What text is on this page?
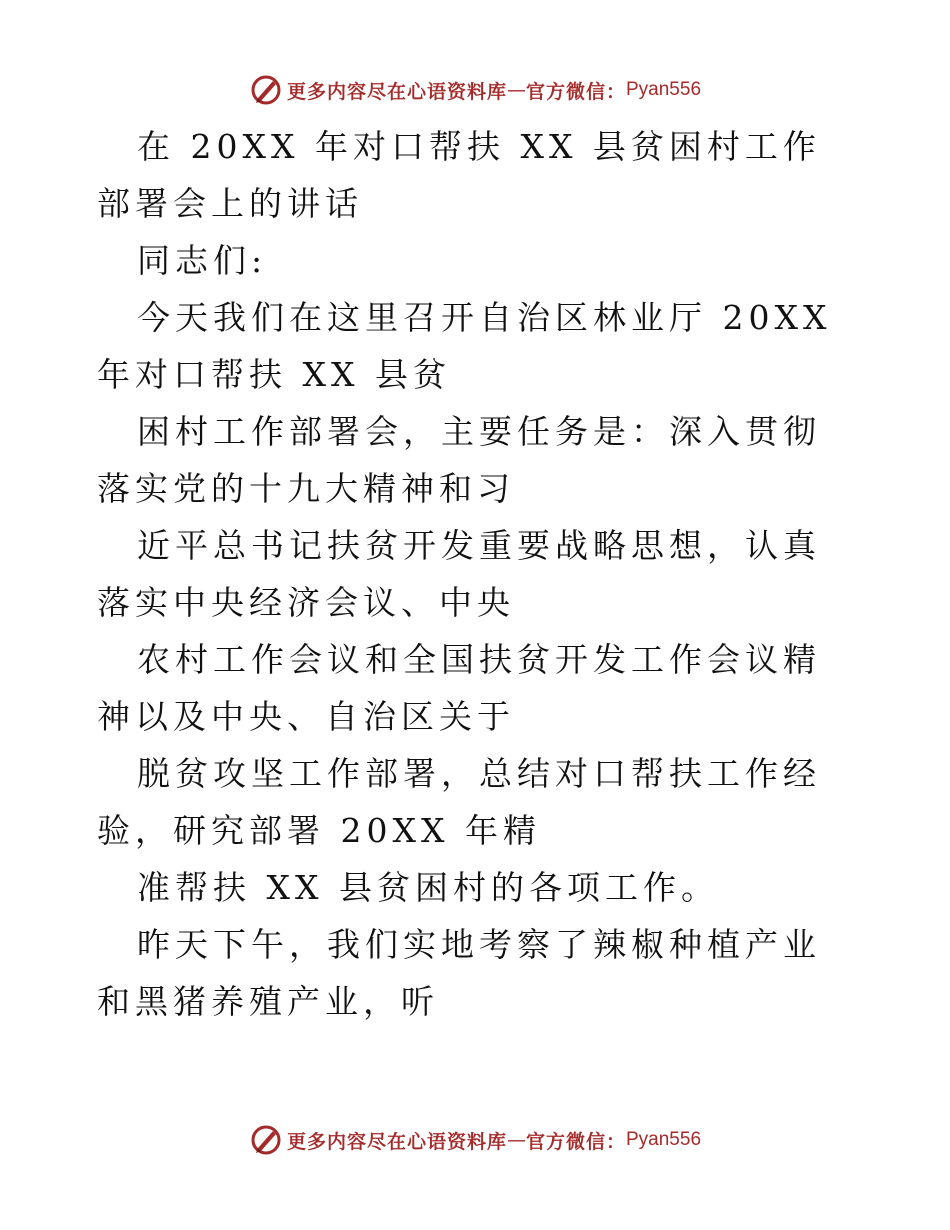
更多内容尽在心语资料库 — 官方微信： Pyan556

在 20XX 年对口帮扶 XX 县贫困村工作部署会上的讲话

同志们:

今天我们在这里召开自治区林业厅 20XX 年对口帮扶 XX 县贫

困村工作部署会，主要任务是：深入贯彻落实党的十九大精神和习

近平总书记扶贫开发重要战略思想，认真落实中央经济会议、中央

农村工作会议和全国扶贫开发工作会议精神以及中央、自治区关于

脱贫攻坚工作部署，总结对口帮扶工作经验，研究部署 20XX 年精

准帮扶 XX 县贫困村的各项工作。

昨天下午，我们实地考察了辣椒种植产业和黑猪养殖产业，听

更多内容尽在心语资料库 — 官方微信： Pyan556
